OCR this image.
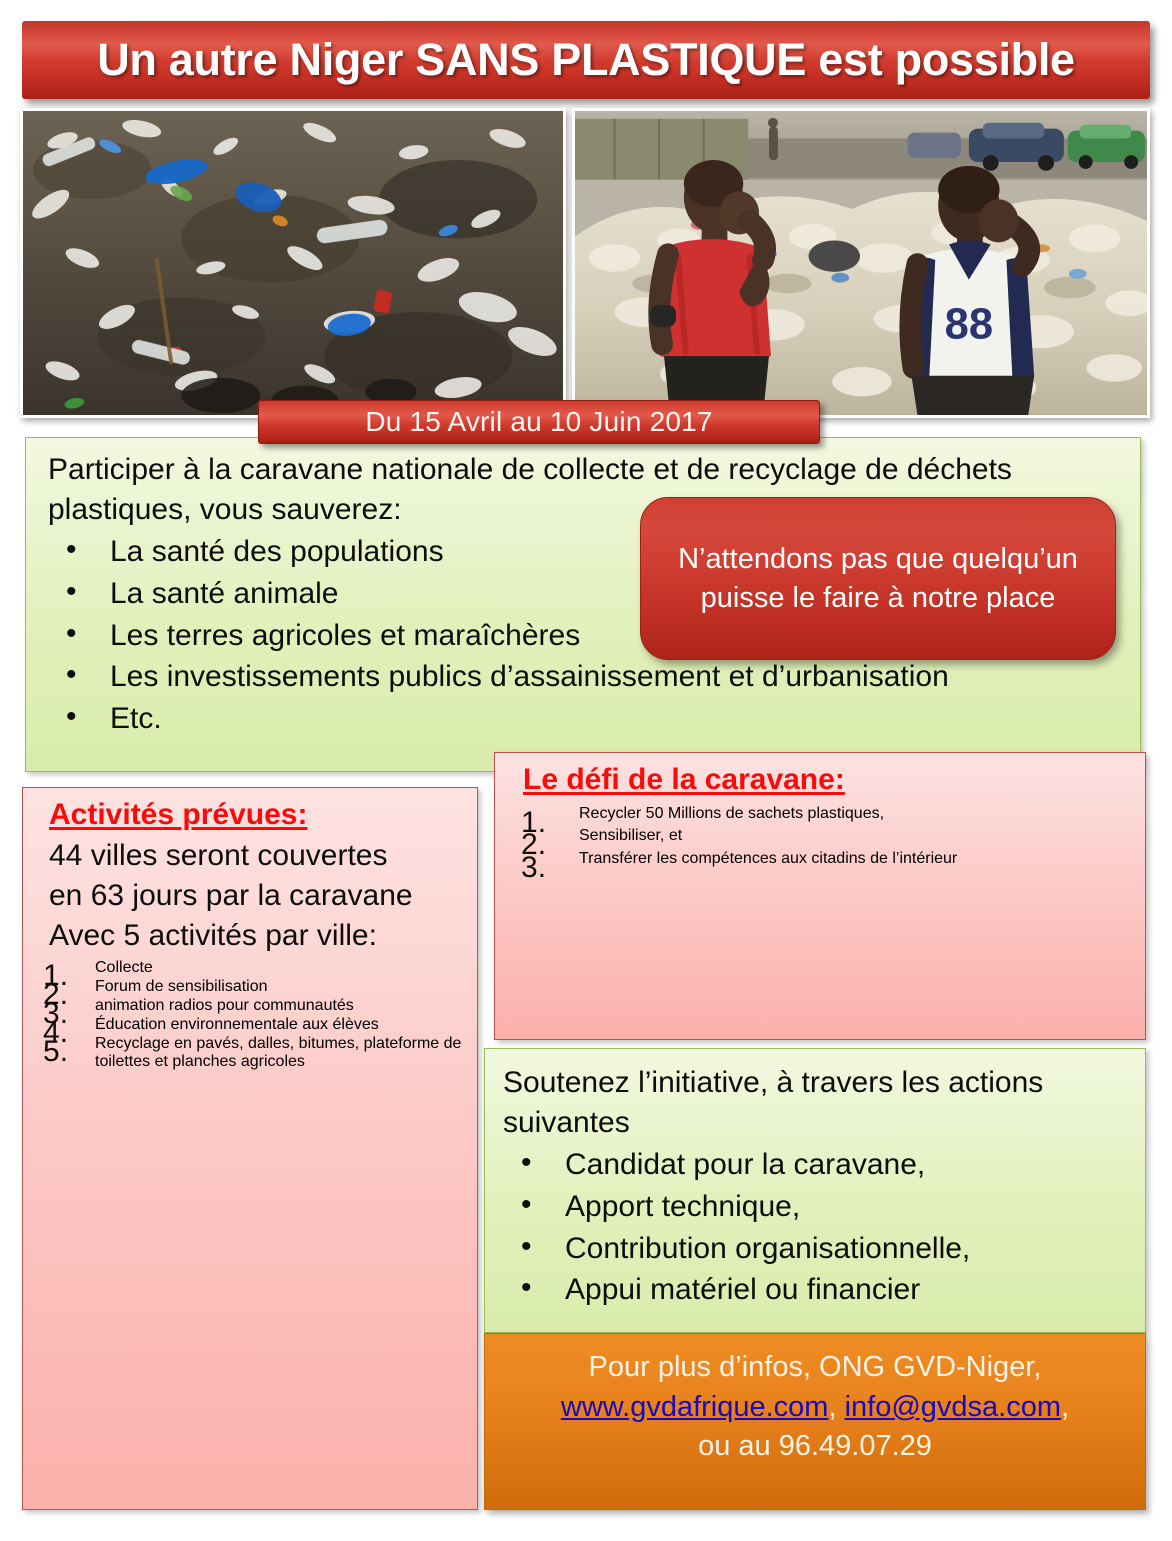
Un autre Niger SANS PLASTIQUE est possible
88
Du 15 Avril au 10 Juin 2017
Participer à la caravane nationale de collecte et de recyclage de déchets plastiques, vous sauverez:
• La santé des populations
• La santé animale
• Les terres agricoles et maraîchères
• Les investissements publics d’assainissement et d’urbanisation
• Etc.

N’attendons pas que quelqu’un puisse le faire à notre place

Activités prévues:
44 villes seront couvertes
en 63 jours par la caravane
Avec 5 activités par ville:
Collecte
Forum de sensibilisation
animation radios pour communautés
Éducation environnementale aux élèves
Recyclage en pavés, dalles, bitumes, plateforme de toilettes et planches agricoles
Le défi de la caravane:
Recycler 50 Millions de sachets plastiques,
Sensibiliser, et
Transférer les compétences aux citadins de l’intérieur
Soutenez l’initiative, à travers les actions suivantes
• Candidat pour la caravane,
• Apport technique,
• Contribution organisationnelle,
• Appui matériel ou financier
Pour plus d’infos, ONG GVD-Niger,
www.gvdafrique.com, info@gvdsa.com,
ou au 96.49.07.29
